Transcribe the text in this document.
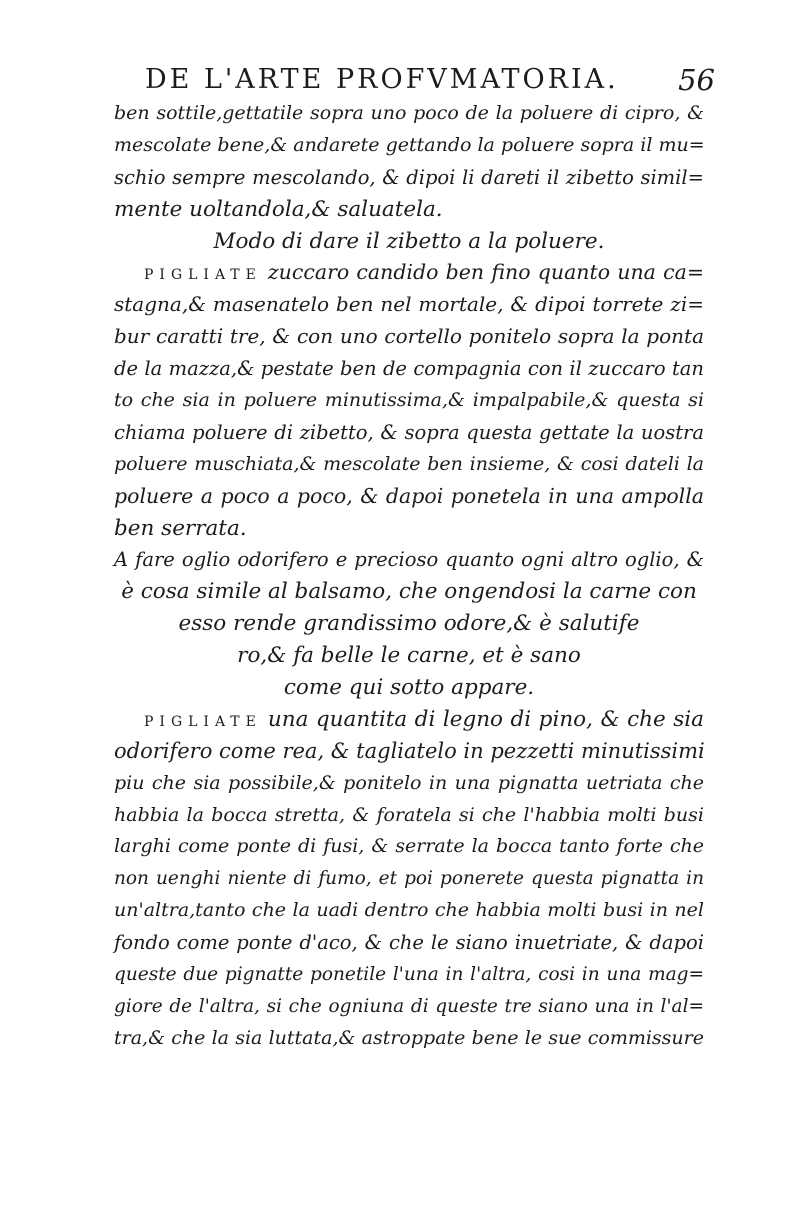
DE L'ARTE PROFVMATORIA. 56
ben sottile,gettatile sopra uno poco de la poluere di cipro, &
mescolate bene,& andarete gettando la poluere sopra il mu=
schio sempre mescolando, & dipoi li dareti il zibetto simil=
mente uoltandola,& saluatela.
Modo di dare il zibetto a la poluere.
PIGLIATE zuccaro candido ben fino quanto una ca=
stagna,& masenatelo ben nel mortale, & dipoi torrete zi=
bur caratti tre, & con uno cortello ponitelo sopra la ponta
de la mazza,& pestate ben de compagnia con il zuccaro tan
to che sia in poluere minutissima,& impalpabile,& questa si
chiama poluere di zibetto, & sopra questa gettate la uostra
poluere muschiata,& mescolate ben insieme, & cosi dateli la
poluere a poco a poco, & dapoi ponetela in una ampolla
ben serrata.
A fare oglio odorifero e precioso quanto ogni altro oglio, &
è cosa simile al balsamo, che ongendosi la carne con
esso rende grandissimo odore,& è salutife
ro,& fa belle le carne, et è sano
come qui sotto appare.
PIGLIATE una quantita di legno di pino, & che sia
odorifero come rea, & tagliatelo in pezzetti minutissimi
piu che sia possibile,& ponitelo in una pignatta uetriata che
habbia la bocca stretta, & foratela si che l'habbia molti busi
larghi come ponte di fusi, & serrate la bocca tanto forte che
non uenghi niente di fumo, et poi ponerete questa pignatta in
un'altra,tanto che la uadi dentro che habbia molti busi in nel
fondo come ponte d'aco, & che le siano inuetriate, & dapoi
queste due pignatte ponetile l'una in l'altra, cosi in una mag=
giore de l'altra, si che ogniuna di queste tre siano una in l'al=
tra,& che la sia luttata,& astroppate bene le sue commissure
